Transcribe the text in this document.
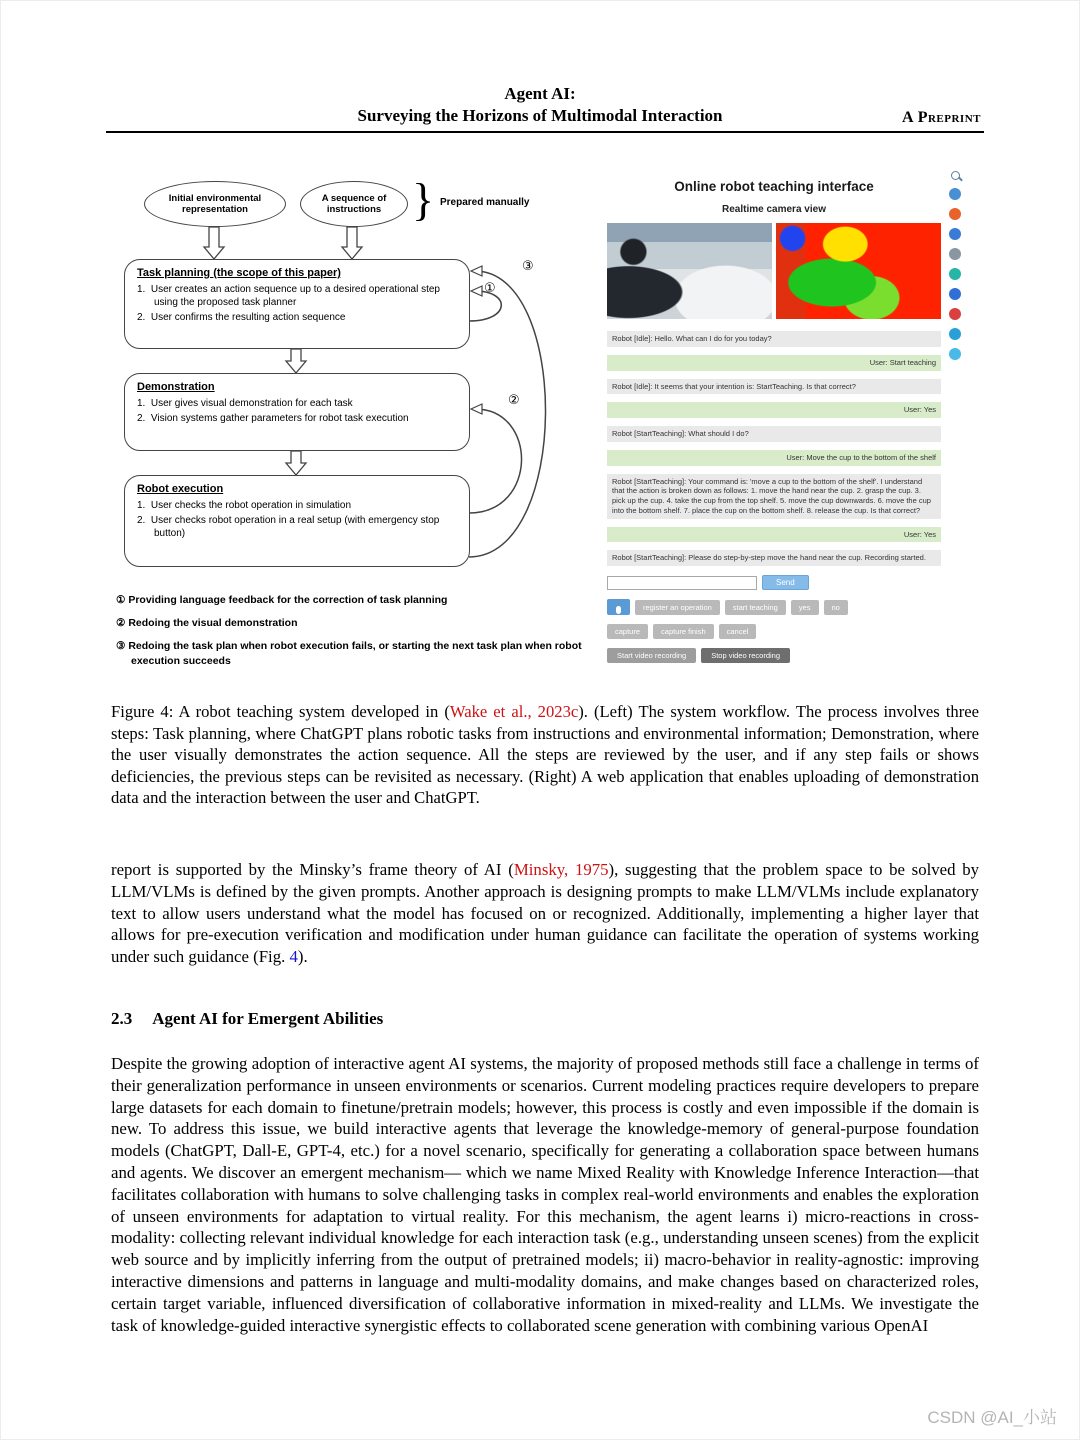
Agent AI:
Surveying the Horizons of Multimodal Interaction	A Preprint
Initial environmental representation
A sequence of instructions } Prepared manually
Task planning (the scope of this paper)
1.  User creates an action sequence up to a desired operational step using the proposed task planner
2.  User confirms the resulting action sequence
Demonstration
1.  User gives visual demonstration for each task
2.  Vision systems gather parameters for robot task execution
Robot execution
1.  User checks the robot operation in simulation
2.  User checks robot operation in a real setup (with emergency stop button)
①
②
③
① Providing language feedback for the correction of task planning
② Redoing the visual demonstration
③ Redoing the task plan when robot execution fails, or starting the next task plan when robot execution succeeds
Online robot teaching interface
Realtime camera view
Robot [Idle]: Hello. What can I do for you today?
User: Start teaching
Robot [Idle]: It seems that your intention is: StartTeaching. Is that correct?
User: Yes
Robot [StartTeaching]: What should I do?
User: Move the cup to the bottom of the shelf
Robot [StartTeaching]: Your command is: 'move a cup to the bottom of the shelf'. I understand that the action is broken down as follows: 1. move the hand near the cup. 2. grasp the cup. 3. pick up the cup. 4. take the cup from the top shelf. 5. move the cup downwards. 6. move the cup into the bottom shelf. 7. place the cup on the bottom shelf. 8. release the cup. Is that correct?
User: Yes
Robot [StartTeaching]: Please do step-by-step move the hand near the cup. Recording started.
Send
register an operation	start teaching	yes	no
capture	capture finish	cancel
Start video recording	Stop video recording

Figure 4: A robot teaching system developed in (Wake et al., 2023c). (Left) The system workflow. The process involves three steps: Task planning, where ChatGPT plans robotic tasks from instructions and environmental information; Demonstration, where the user visually demonstrates the action sequence. All the steps are reviewed by the user, and if any step fails or shows deficiencies, the previous steps can be revisited as necessary. (Right) A web application that enables uploading of demonstration data and the interaction between the user and ChatGPT.

report is supported by the Minsky’s frame theory of AI (Minsky, 1975), suggesting that the problem space to be solved by LLM/VLMs is defined by the given prompts. Another approach is designing prompts to make LLM/VLMs include explanatory text to allow users understand what the model has focused on or recognized. Additionally, implementing a higher layer that allows for pre-execution verification and modification under human guidance can facilitate the operation of systems working under such guidance (Fig. 4).

2.3 Agent AI for Emergent Abilities

Despite the growing adoption of interactive agent AI systems, the majority of proposed methods still face a challenge in terms of their generalization performance in unseen environments or scenarios. Current modeling practices require developers to prepare large datasets for each domain to finetune/pretrain models; however, this process is costly and even impossible if the domain is new. To address this issue, we build interactive agents that leverage the knowledge-memory of general-purpose foundation models (ChatGPT, Dall-E, GPT-4, etc.) for a novel scenario, specifically for generating a collaboration space between humans and agents. We discover an emergent mechanism— which we name Mixed Reality with Knowledge Inference Interaction—that facilitates collaboration with humans to solve challenging tasks in complex real-world environments and enables the exploration of unseen environments for adaptation to virtual reality. For this mechanism, the agent learns i) micro-reactions in cross-modality: collecting relevant individual knowledge for each interaction task (e.g., understanding unseen scenes) from the explicit web source and by implicitly inferring from the output of pretrained models; ii) macro-behavior in reality-agnostic: improving interactive dimensions and patterns in language and multi-modality domains, and make changes based on characterized roles, certain target variable, influenced diversification of collaborative information in mixed-reality and LLMs. We investigate the task of knowledge-guided interactive synergistic effects to collaborated scene generation with combining various OpenAI

CSDN @AI_小站
